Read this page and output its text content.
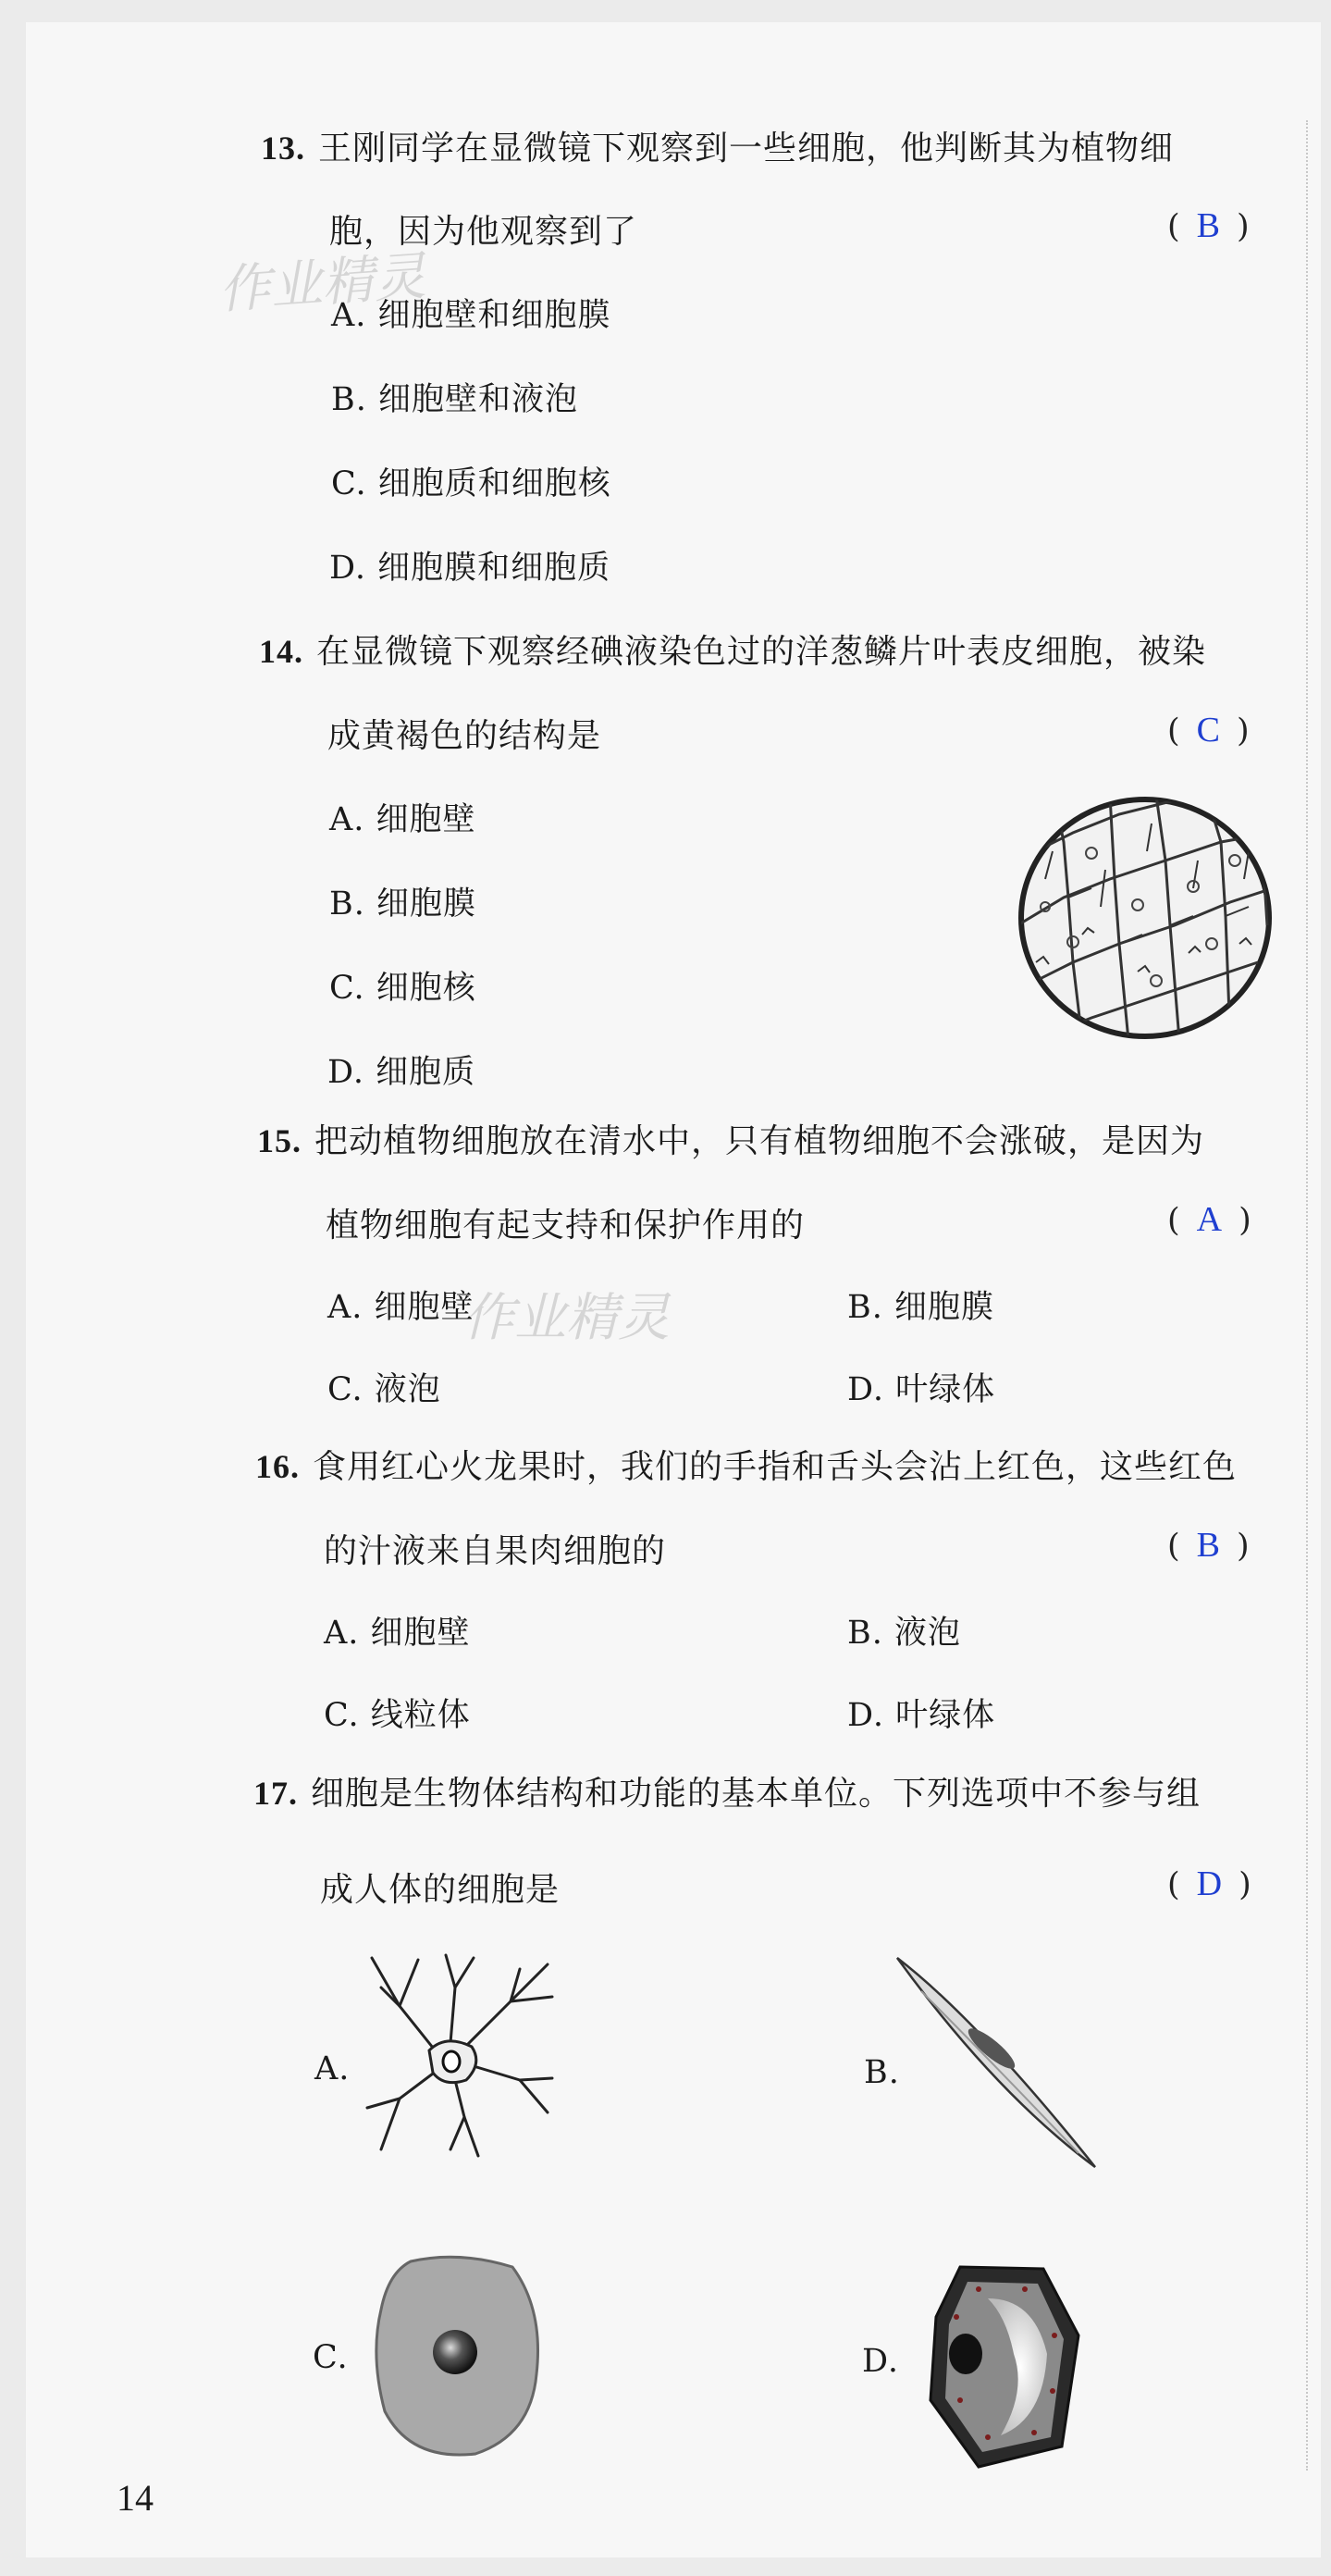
作业精灵
作业精灵
13. 王刚同学在显微镜下观察到一些细胞，他判断其为植物细
胞，因为他观察到了	( B )
A. 细胞壁和细胞膜
B. 细胞壁和液泡
C. 细胞质和细胞核
D. 细胞膜和细胞质
14. 在显微镜下观察经碘液染色过的洋葱鳞片叶表皮细胞，被染
成黄褐色的结构是	( C )
A. 细胞壁
B. 细胞膜
C. 细胞核
D. 细胞质
15. 把动植物细胞放在清水中，只有植物细胞不会涨破，是因为
植物细胞有起支持和保护作用的	( A )
A. 细胞壁	B. 细胞膜
C. 液泡	D. 叶绿体
16. 食用红心火龙果时，我们的手指和舌头会沾上红色，这些红色
的汁液来自果肉细胞的	( B )
A. 细胞壁	B. 液泡
C. 线粒体	D. 叶绿体
17. 细胞是生物体结构和功能的基本单位。下列选项中不参与组
成人体的细胞是	( D )
A.	B.
C.	D.
14
